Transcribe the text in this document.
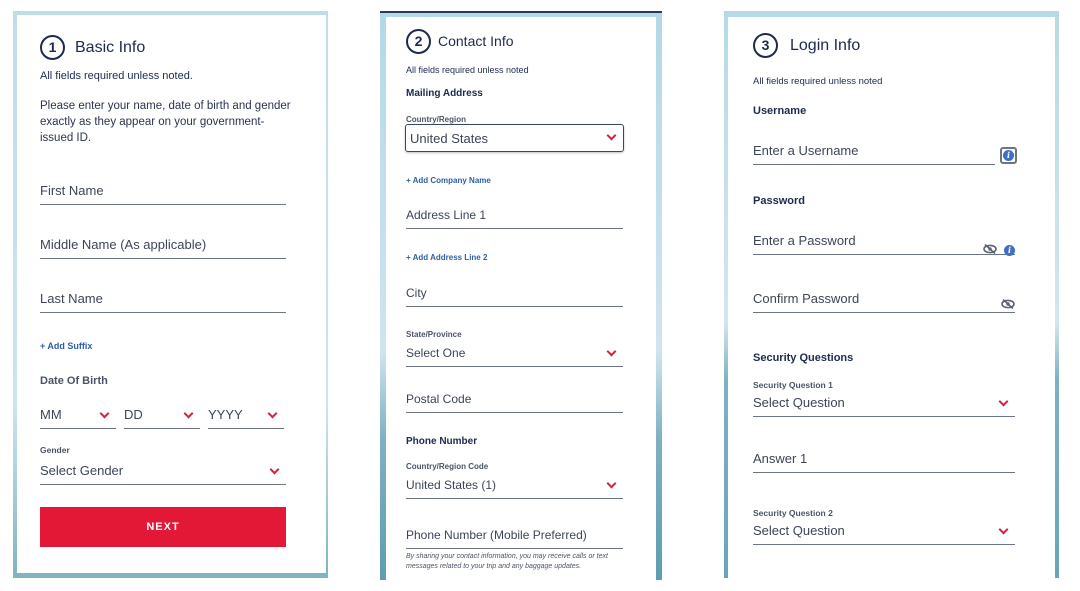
1	Basic Info
All fields required unless noted.
Please enter your name, date of birth and gender exactly as they appear on your government-issued ID.
First Name
Middle Name (As applicable)
Last Name
+ Add Suffix
Date Of Birth
MM	DD	YYYY
Gender
Select Gender
NEXT
2	Contact Info
All fields required unless noted
Mailing Address
Country/Region
United States
+ Add Company Name
Address Line 1
+ Add Address Line 2
City
State/Province
Select One
Postal Code
Phone Number
Country/Region Code
United States (1)
Phone Number (Mobile Preferred)
By sharing your contact information, you may receive calls or text messages related to your trip and any baggage updates.
3	Login Info
All fields required unless noted
Username
Enter a Username	i
Password
Enter a Password
i
Confirm Password
Security Questions
Security Question 1
Select Question
Answer 1
Security Question 2
Select Question
